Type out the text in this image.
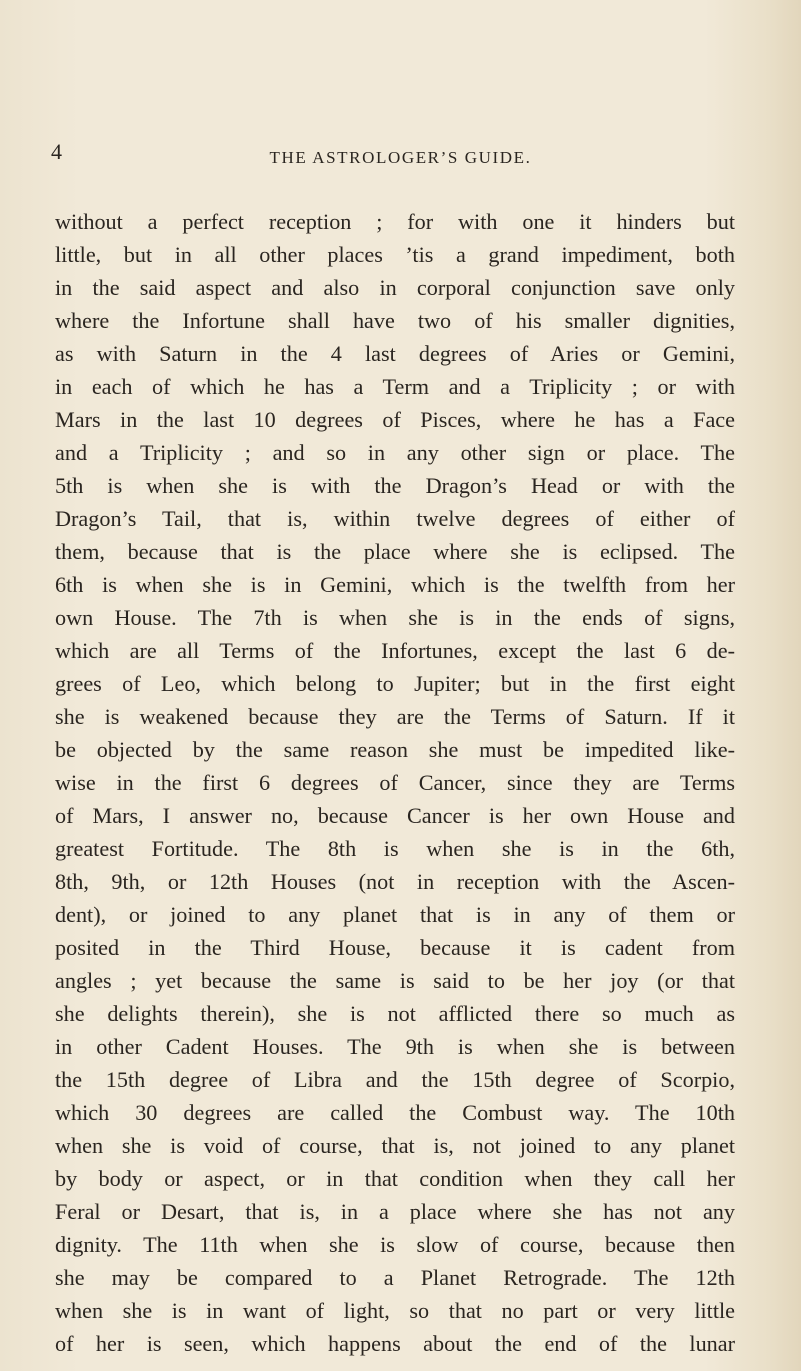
4	THE ASTROLOGER’S GUIDE.
without a perfect reception ; for with one it hinders but
little, but in all other places ’tis a grand impediment, both
in the said aspect and also in corporal conjunction save only
where the Infortune shall have two of his smaller dignities,
as with Saturn in the 4 last degrees of Aries or Gemini,
in each of which he has a Term and a Triplicity ; or with
Mars in the last 10 degrees of Pisces, where he has a Face
and a Triplicity ; and so in any other sign or place. The
5th is when she is with the Dragon’s Head or with the
Dragon’s Tail, that is, within twelve degrees of either of
them, because that is the place where she is eclipsed. The
6th is when she is in Gemini, which is the twelfth from her
own House. The 7th is when she is in the ends of signs,
which are all Terms of the Infortunes, except the last 6 de-
grees of Leo, which belong to Jupiter; but in the first eight
she is weakened because they are the Terms of Saturn. If it
be objected by the same reason she must be impedited like-
wise in the first 6 degrees of Cancer, since they are Terms
of Mars, I answer no, because Cancer is her own House and
greatest Fortitude. The 8th is when she is in the 6th,
8th, 9th, or 12th Houses (not in reception with the Ascen-
dent), or joined to any planet that is in any of them or
posited in the Third House, because it is cadent from
angles ; yet because the same is said to be her joy (or that
she delights therein), she is not afflicted there so much as
in other Cadent Houses. The 9th is when she is between
the 15th degree of Libra and the 15th degree of Scorpio,
which 30 degrees are called the Combust way. The 10th
when she is void of course, that is, not joined to any planet
by body or aspect, or in that condition when they call her
Feral or Desart, that is, in a place where she has not any
dignity. The 11th when she is slow of course, because then
she may be compared to a Planet Retrograde. The 12th
when she is in want of light, so that no part or very little
of her is seen, which happens about the end of the lunar
